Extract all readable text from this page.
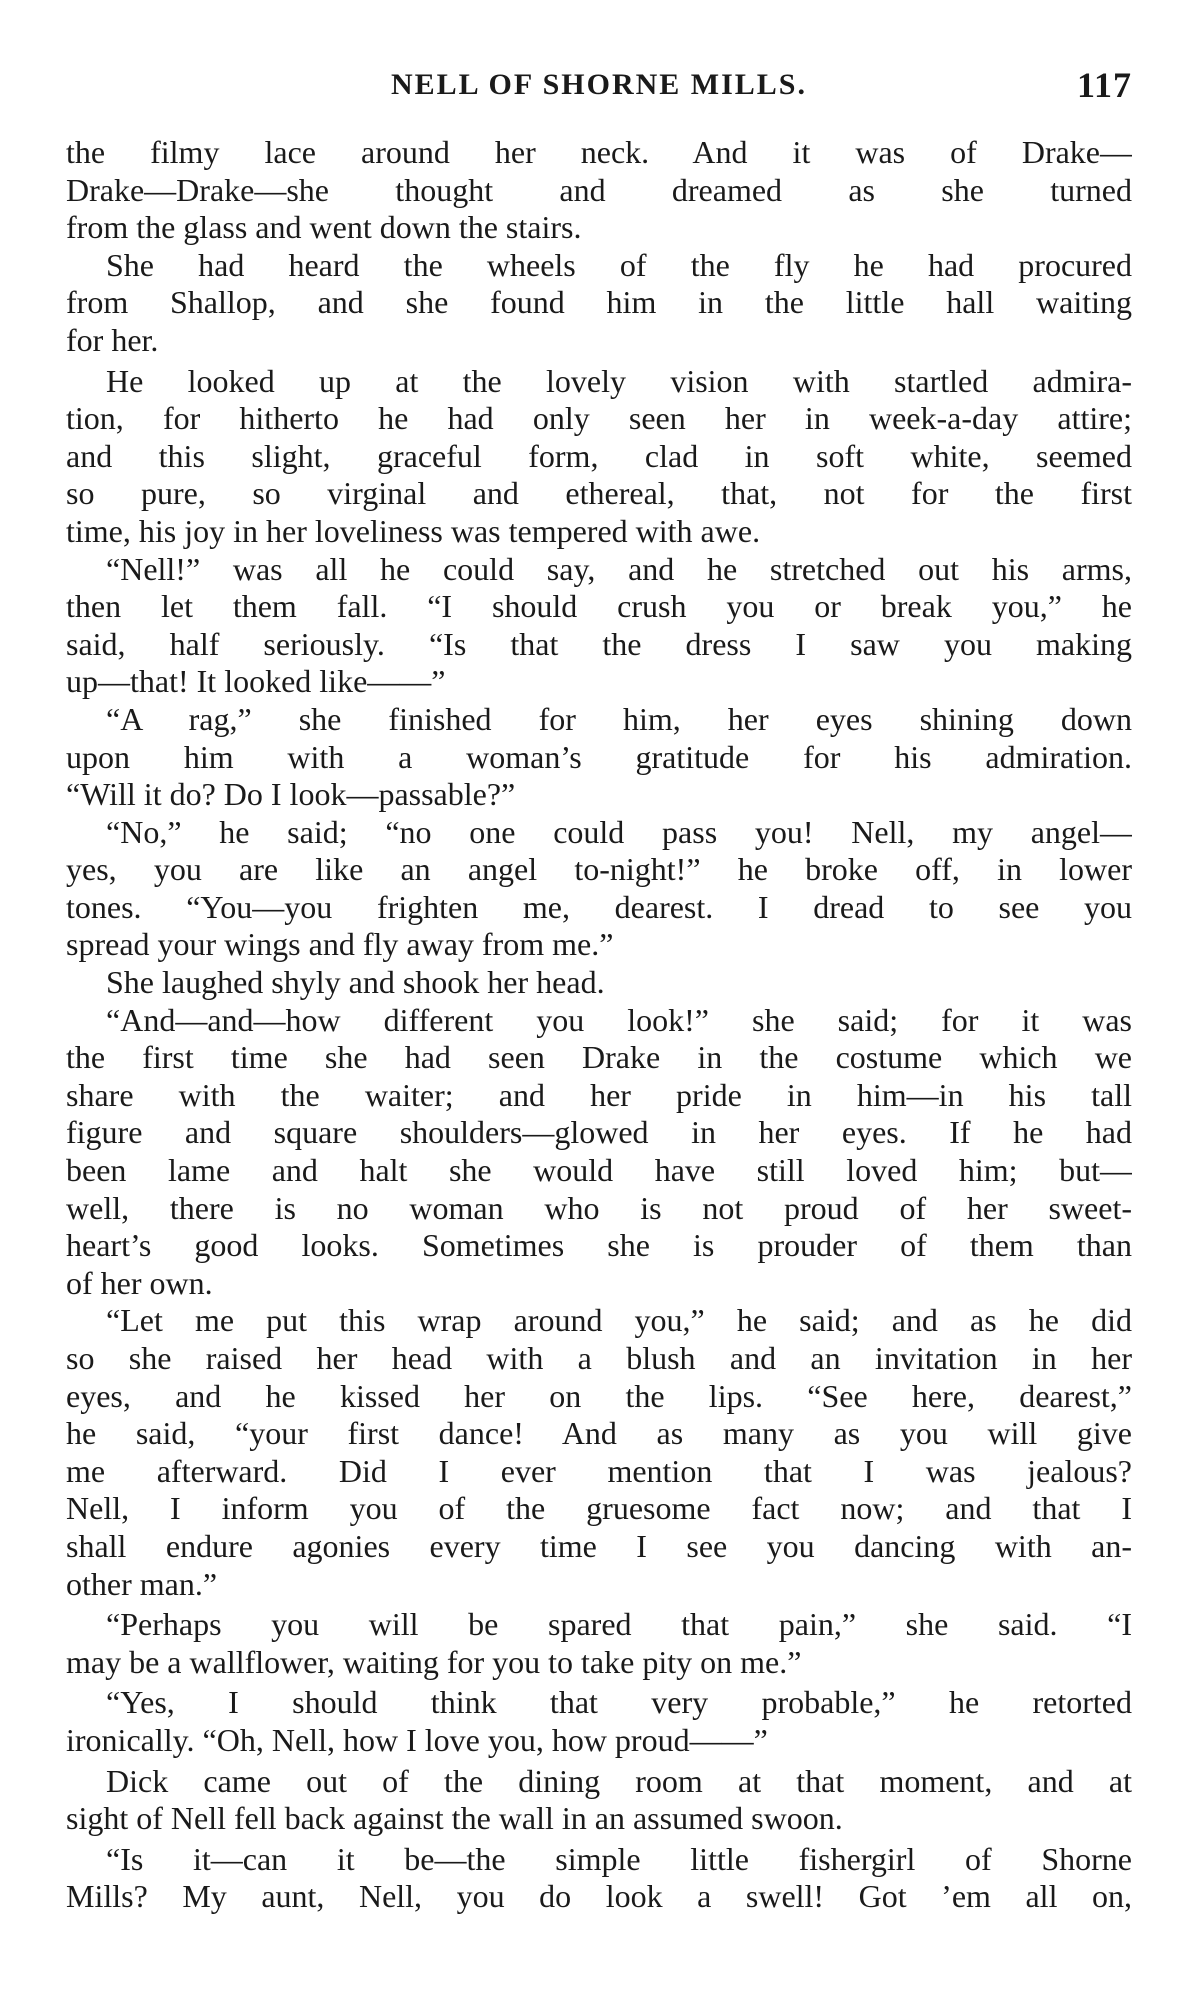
NELL OF SHORNE MILLS.	117
the filmy lace around her neck. And it was of Drake—
Drake—Drake—she thought and dreamed as she turned
from the glass and went down the stairs.
She had heard the wheels of the fly he had procured
from Shallop, and she found him in the little hall waiting
for her.
He looked up at the lovely vision with startled admira-
tion, for hitherto he had only seen her in week-a-day attire;
and this slight, graceful form, clad in soft white, seemed
so pure, so virginal and ethereal, that, not for the first
time, his joy in her loveliness was tempered with awe.
“Nell!” was all he could say, and he stretched out his arms,
then let them fall. “I should crush you or break you,” he
said, half seriously. “Is that the dress I saw you making
up—that! It looked like——”
“A rag,” she finished for him, her eyes shining down
upon him with a woman’s gratitude for his admiration.
“Will it do? Do I look—passable?”
“No,” he said; “no one could pass you! Nell, my angel—
yes, you are like an angel to-night!” he broke off, in lower
tones. “You—you frighten me, dearest. I dread to see you
spread your wings and fly away from me.”
She laughed shyly and shook her head.
“And—and—how different you look!” she said; for it was
the first time she had seen Drake in the costume which we
share with the waiter; and her pride in him—in his tall
figure and square shoulders—glowed in her eyes. If he had
been lame and halt she would have still loved him; but—
well, there is no woman who is not proud of her sweet-
heart’s good looks. Sometimes she is prouder of them than
of her own.
“Let me put this wrap around you,” he said; and as he did
so she raised her head with a blush and an invitation in her
eyes, and he kissed her on the lips. “See here, dearest,”
he said, “your first dance! And as many as you will give
me afterward. Did I ever mention that I was jealous?
Nell, I inform you of the gruesome fact now; and that I
shall endure agonies every time I see you dancing with an-
other man.”
“Perhaps you will be spared that pain,” she said. “I
may be a wallflower, waiting for you to take pity on me.”
“Yes, I should think that very probable,” he retorted
ironically. “Oh, Nell, how I love you, how proud——”
Dick came out of the dining room at that moment, and at
sight of Nell fell back against the wall in an assumed swoon.
“Is it—can it be—the simple little fishergirl of Shorne
Mills? My aunt, Nell, you do look a swell! Got ’em all on,
